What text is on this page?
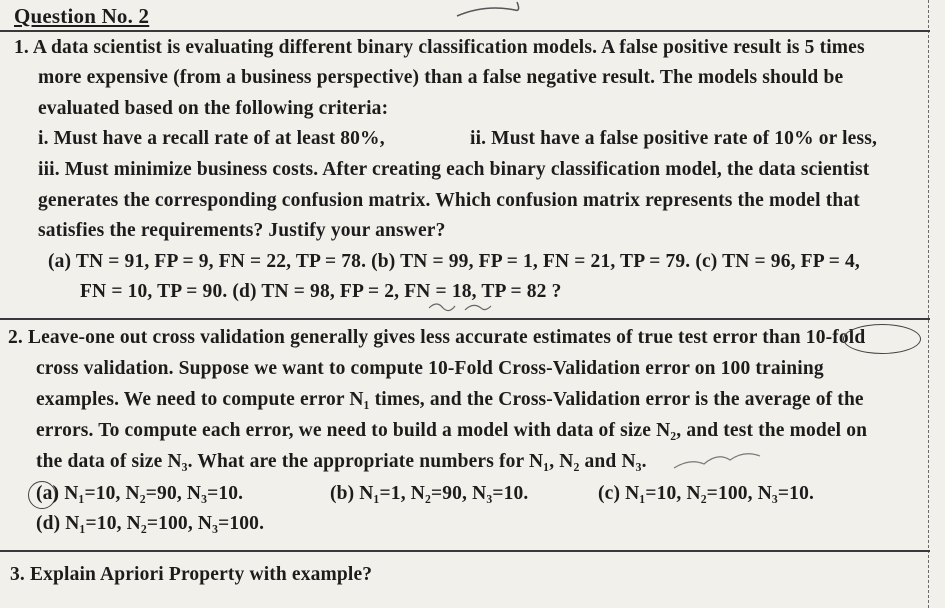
Question No. 2
1. A data scientist is evaluating different binary classification models. A false positive result is 5 times
more expensive (from a business perspective) than a false negative result. The models should be
evaluated based on the following criteria:
i. Must have a recall rate of at least 80%,	ii. Must have a false positive rate of 10% or less,
iii. Must minimize business costs. After creating each binary classification model, the data scientist
generates the corresponding confusion matrix. Which confusion matrix represents the model that
satisfies the requirements? Justify your answer?
(a) TN = 91, FP = 9, FN = 22, TP = 78. (b) TN = 99, FP = 1, FN = 21, TP = 79. (c) TN = 96, FP = 4,
FN = 10, TP = 90. (d) TN = 98, FP = 2, FN = 18, TP = 82 ?
2. Leave-one out cross validation generally gives less accurate estimates of true test error than 10-fold
cross validation. Suppose we want to compute 10-Fold Cross-Validation error on 100 training
examples. We need to compute error N₁ times, and the Cross-Validation error is the average of the
errors. To compute each error, we need to build a model with data of size N₂, and test the model on
the data of size N₃. What are the appropriate numbers for N₁, N₂ and N₃.
(a) N₁=10, N₂=90, N₃=10.	(b) N₁=1, N₂=90, N₃=10.	(c) N₁=10, N₂=100, N₃=10.
(d) N₁=10, N₂=100, N₃=100.
3. Explain Apriori Property with example?
